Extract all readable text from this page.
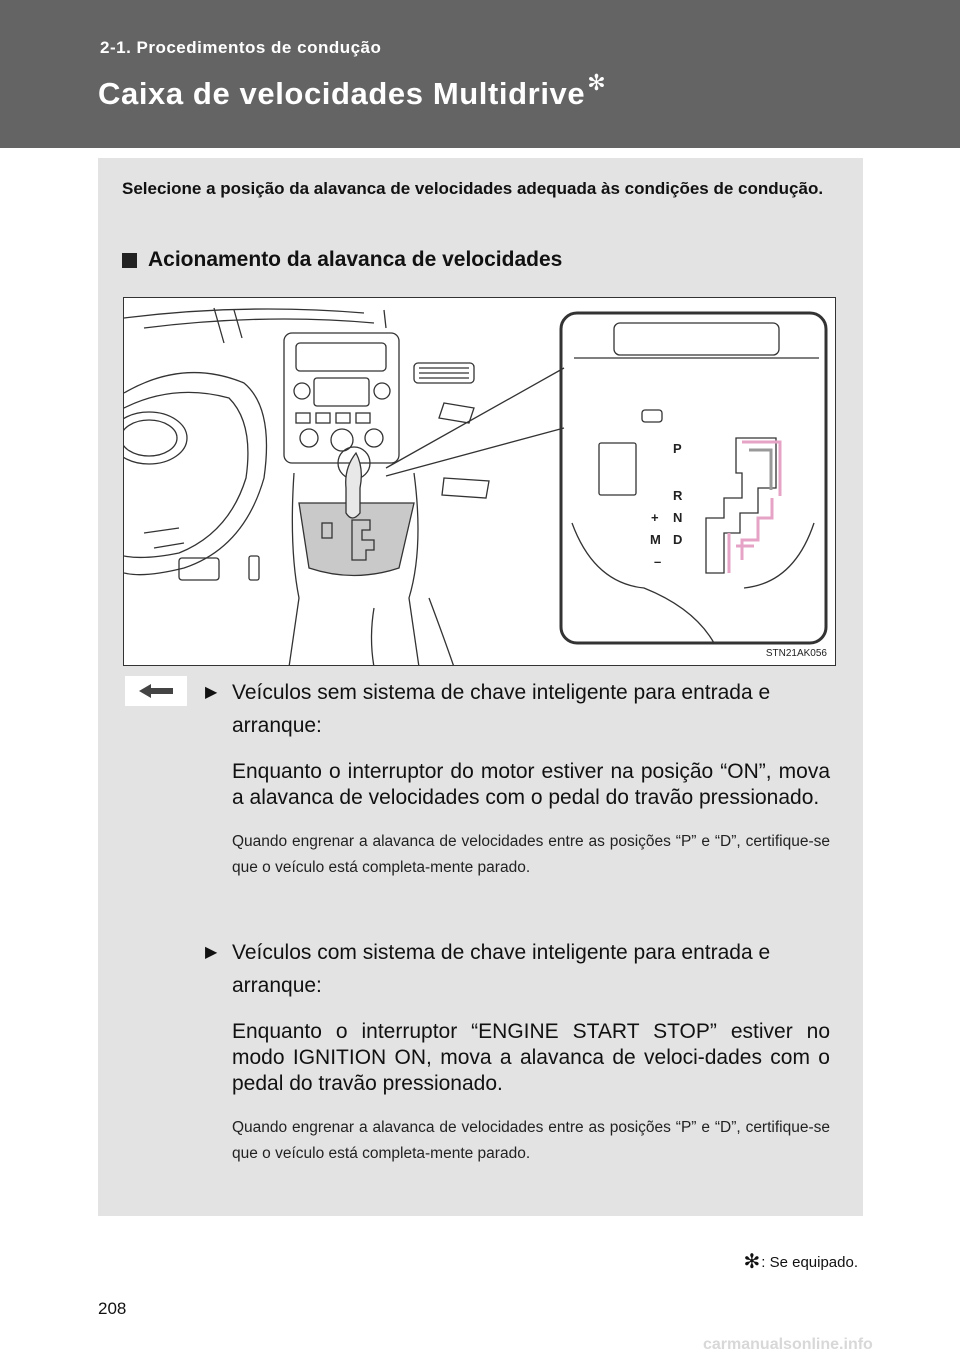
2-1. Procedimentos de condução
Caixa de velocidades Multidrive✻
Selecione a posição da alavanca de velocidades adequada às condições de condução.
Acionamento da alavanca de velocidades
P
R
N
D
M
+
–
STN21AK056
▶ Veículos sem sistema de chave inteligente para entrada e arranque:
Enquanto o interruptor do motor estiver na posição “ON”, mova a alavanca de velocidades com o pedal do travão pressionado.
Quando engrenar a alavanca de velocidades entre as posições “P” e “D”, certifique-se que o veículo está completa-mente parado.
▶ Veículos com sistema de chave inteligente para entrada e arranque:
Enquanto o interruptor “ENGINE START STOP” estiver no modo IGNITION ON, mova a alavanca de veloci-dades com o pedal do travão pressionado.
Quando engrenar a alavanca de velocidades entre as posições “P” e “D”, certifique-se que o veículo está completa-mente parado.
✻: Se equipado.
208
carmanualsonline.info
